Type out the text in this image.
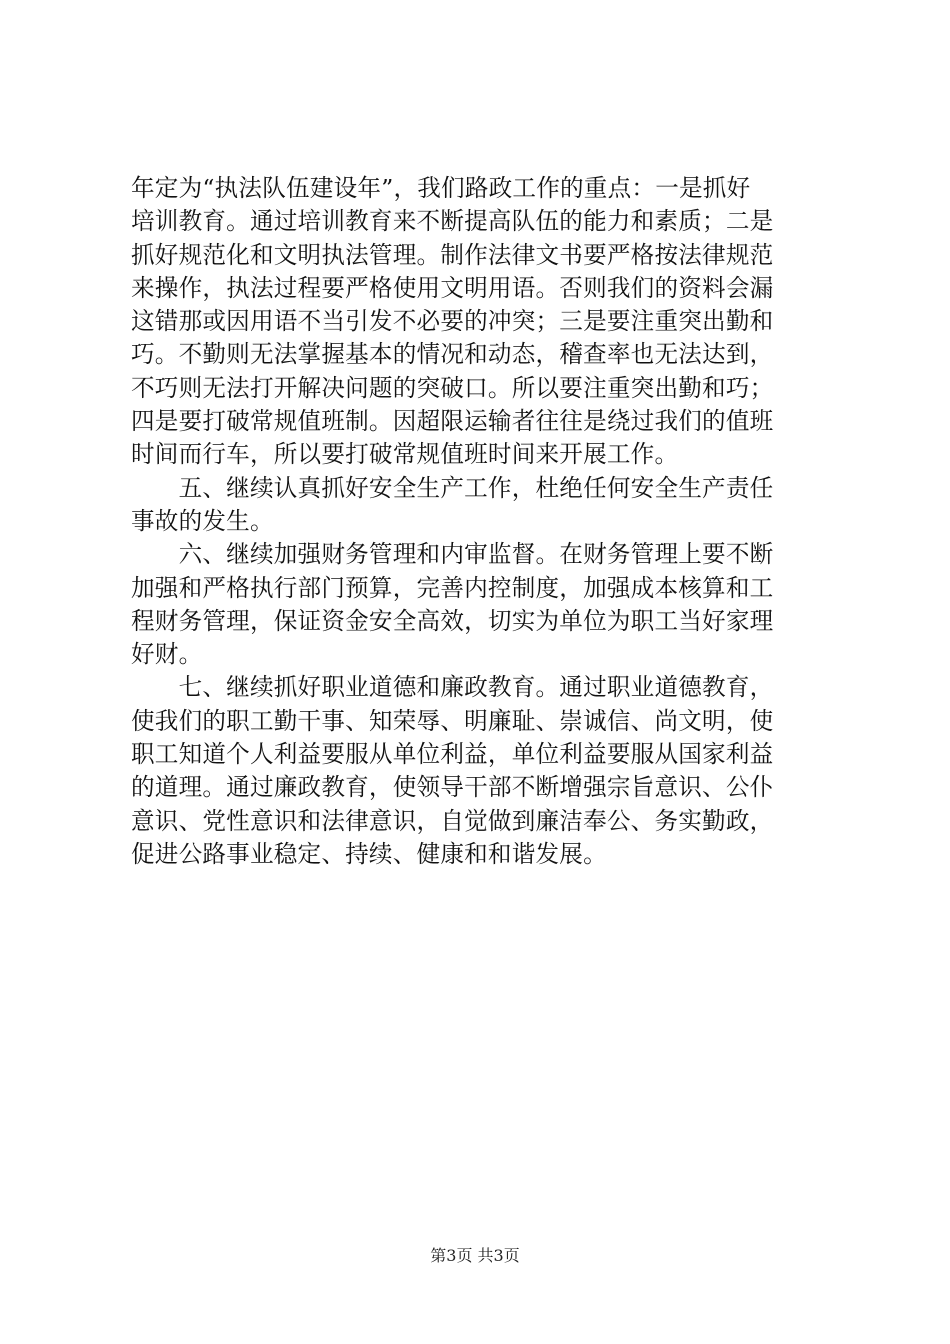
年定为“执法队伍建设年”，我们路政工作的重点：一是抓好
培训教育。通过培训教育来不断提高队伍的能力和素质；二是
抓好规范化和文明执法管理。制作法律文书要严格按法律规范
来操作，执法过程要严格使用文明用语。否则我们的资料会漏
这错那或因用语不当引发不必要的冲突；三是要注重突出勤和
巧。不勤则无法掌握基本的情况和动态，稽查率也无法达到，
不巧则无法打开解决问题的突破口。所以要注重突出勤和巧；
四是要打破常规值班制。因超限运输者往往是绕过我们的值班
时间而行车，所以要打破常规值班时间来开展工作。
　　五、继续认真抓好安全生产工作，杜绝任何安全生产责任
事故的发生。
　　六、继续加强财务管理和内审监督。在财务管理上要不断
加强和严格执行部门预算，完善内控制度，加强成本核算和工
程财务管理，保证资金安全高效，切实为单位为职工当好家理
好财。
　　七、继续抓好职业道德和廉政教育。通过职业道德教育，
使我们的职工勤干事、知荣辱、明廉耻、崇诚信、尚文明，使
职工知道个人利益要服从单位利益，单位利益要服从国家利益
的道理。通过廉政教育，使领导干部不断增强宗旨意识、公仆
意识、党性意识和法律意识，自觉做到廉洁奉公、务实勤政，
促进公路事业稳定、持续、健康和和谐发展。
第3页 共3页
